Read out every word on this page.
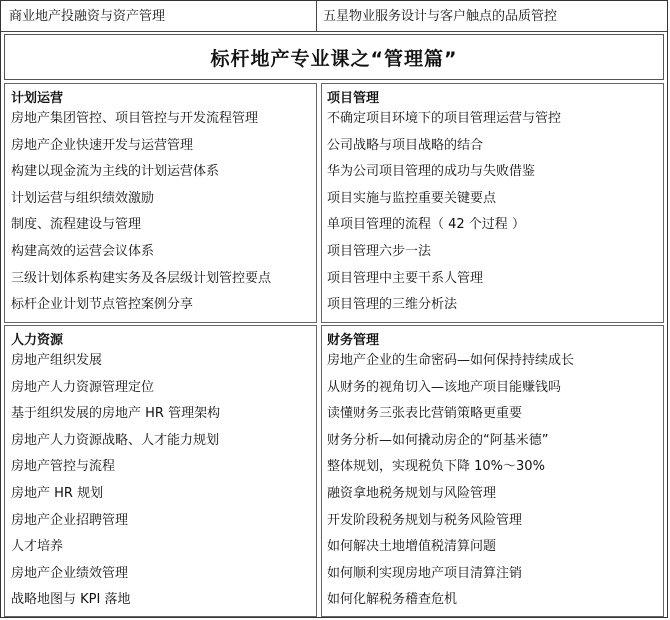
商业地产投融资与资产管理	五星物业服务设计与客户触点的品质管控
标杆地产专业课之“管理篇”
计划运营
房地产集团管控、项目管控与开发流程管理
房地产企业快速开发与运营管理
构建以现金流为主线的计划运营体系
计划运营与组织绩效激励
制度、流程建设与管理
构建高效的运营会议体系
三级计划体系构建实务及各层级计划管控要点
标杆企业计划节点管控案例分享
项目管理
不确定项目环境下的项目管理运营与管控
公司战略与项目战略的结合
华为公司项目管理的成功与失败借鉴
项目实施与监控重要关键要点
单项目管理的流程（ 42 个过程 ）
项目管理六步一法
项目管理中主要干系人管理
项目管理的三维分析法
人力资源
房地产组织发展
房地产人力资源管理定位
基于组织发展的房地产 HR 管理架构
房地产人力资源战略、人才能力规划
房地产管控与流程
房地产 HR 规划
房地产企业招聘管理
人才培养
房地产企业绩效管理
战略地图与 KPI 落地
财务管理
房地产企业的生命密码—如何保持持续成长
从财务的视角切入—该地产项目能赚钱吗
读懂财务三张表比营销策略更重要
财务分析—如何撬动房企的“阿基米德”
整体规划，实现税负下降 10%～30%
融资拿地税务规划与风险管理
开发阶段税务规划与税务风险管理
如何解决土地增值税清算问题
如何顺利实现房地产项目清算注销
如何化解税务稽查危机
